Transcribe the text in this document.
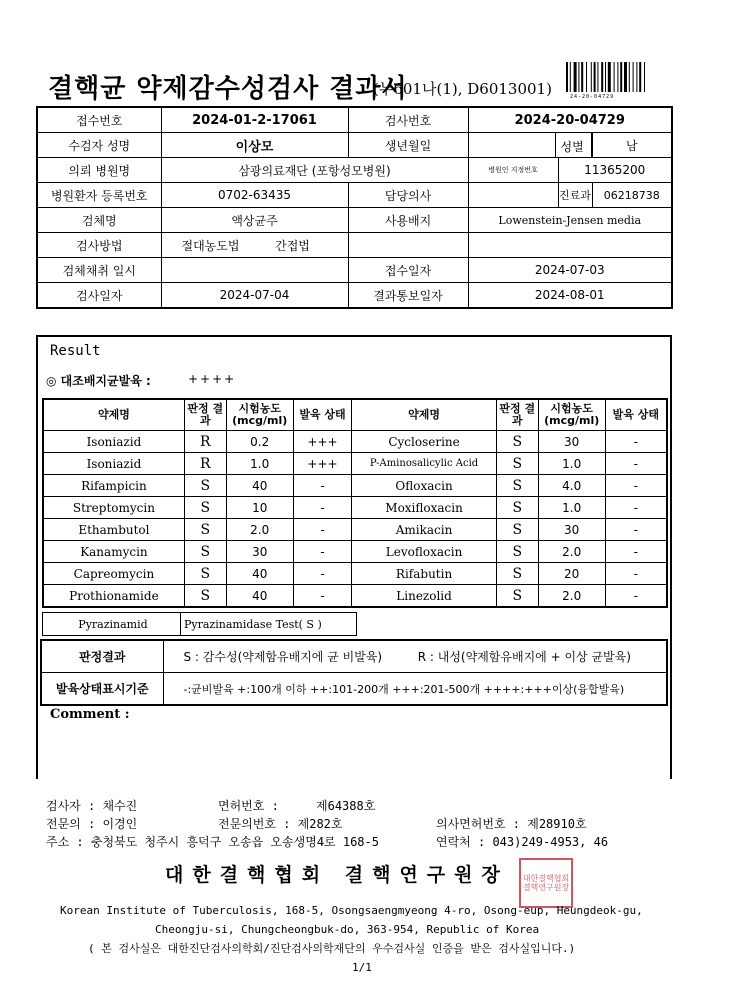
결핵균 약제감수성검사 결과서
(누601나(1), D6013001)	24-20-04729
접수번호	2024-01-2-17061	검사번호	2024-20-04729		
수검자 성명	이상모	생년월일			성별 남
의뢰 병원명	삼광의료재단 (포항성모병원)		병원인 지정번호	11365200	
병원환자 등록번호	0702-63435	담당의사		진료과	06218738
검체명	액상균주	사용배지	Lowenstein-Jensen media		
검사방법	절대농도법 간접법				
검체채취 일시		접수일자	2024-07-03		
검사일자	2024-07-04	결과통보일자	2024-08-01		
Result
◎ 대조배지균발육 :	++++
약제명	판정 결과	시험농도 (mcg/ml)	발육 상태	약제명	판정 결과	시험농도 (mcg/ml)	발육 상태
Isoniazid	R	0.2	+++	Cycloserine	S	30	-
Isoniazid	R	1.0	+++	P-Aminosalicylic Acid	S	1.0	-
Rifampicin	S	40	-	Ofloxacin	S	4.0	-
Streptomycin	S	10	-	Moxifloxacin	S	1.0	-
Ethambutol	S	2.0	-	Amikacin	S	30	-
Kanamycin	S	30	-	Levofloxacin	S	2.0	-
Capreomycin	S	40	-	Rifabutin	S	20	-
Prothionamide	S	40	-	Linezolid	S	2.0	-
Pyrazinamid	Pyrazinamidase Test( S )
판정결과	S : 감수성(약제함유배지에 균 비발육) R : 내성(약제함유배지에 + 이상 균발육)
발육상태표시기준	-:균비발육 +:100개 이하 ++:101-200개 +++:201-500개 ++++:+++이상(융합발육)
Comment :
검사자 : 채수진	면허번호 :	제64388호
전문의 : 이경인	전문의번호 : 제282호	의사면허번호 : 제28910호
주소 : 충청북도 청주시 흥덕구 오송읍 오송생명4로 168-5	연락처 : 043)249-4953, 46
대한결핵협회 결핵연구원장	대한결핵협회결핵연구원장
Korean Institute of Tuberculosis, 168-5, Osongsaengmyeong 4-ro, Osong-eup, Heungdeok-gu,
Cheongju-si, Chungcheongbuk-do, 363-954, Republic of Korea
( 본 검사실은 대한진단검사의학회/진단검사의학재단의 우수검사실 인증을 받은 검사실입니다.)
1/1
